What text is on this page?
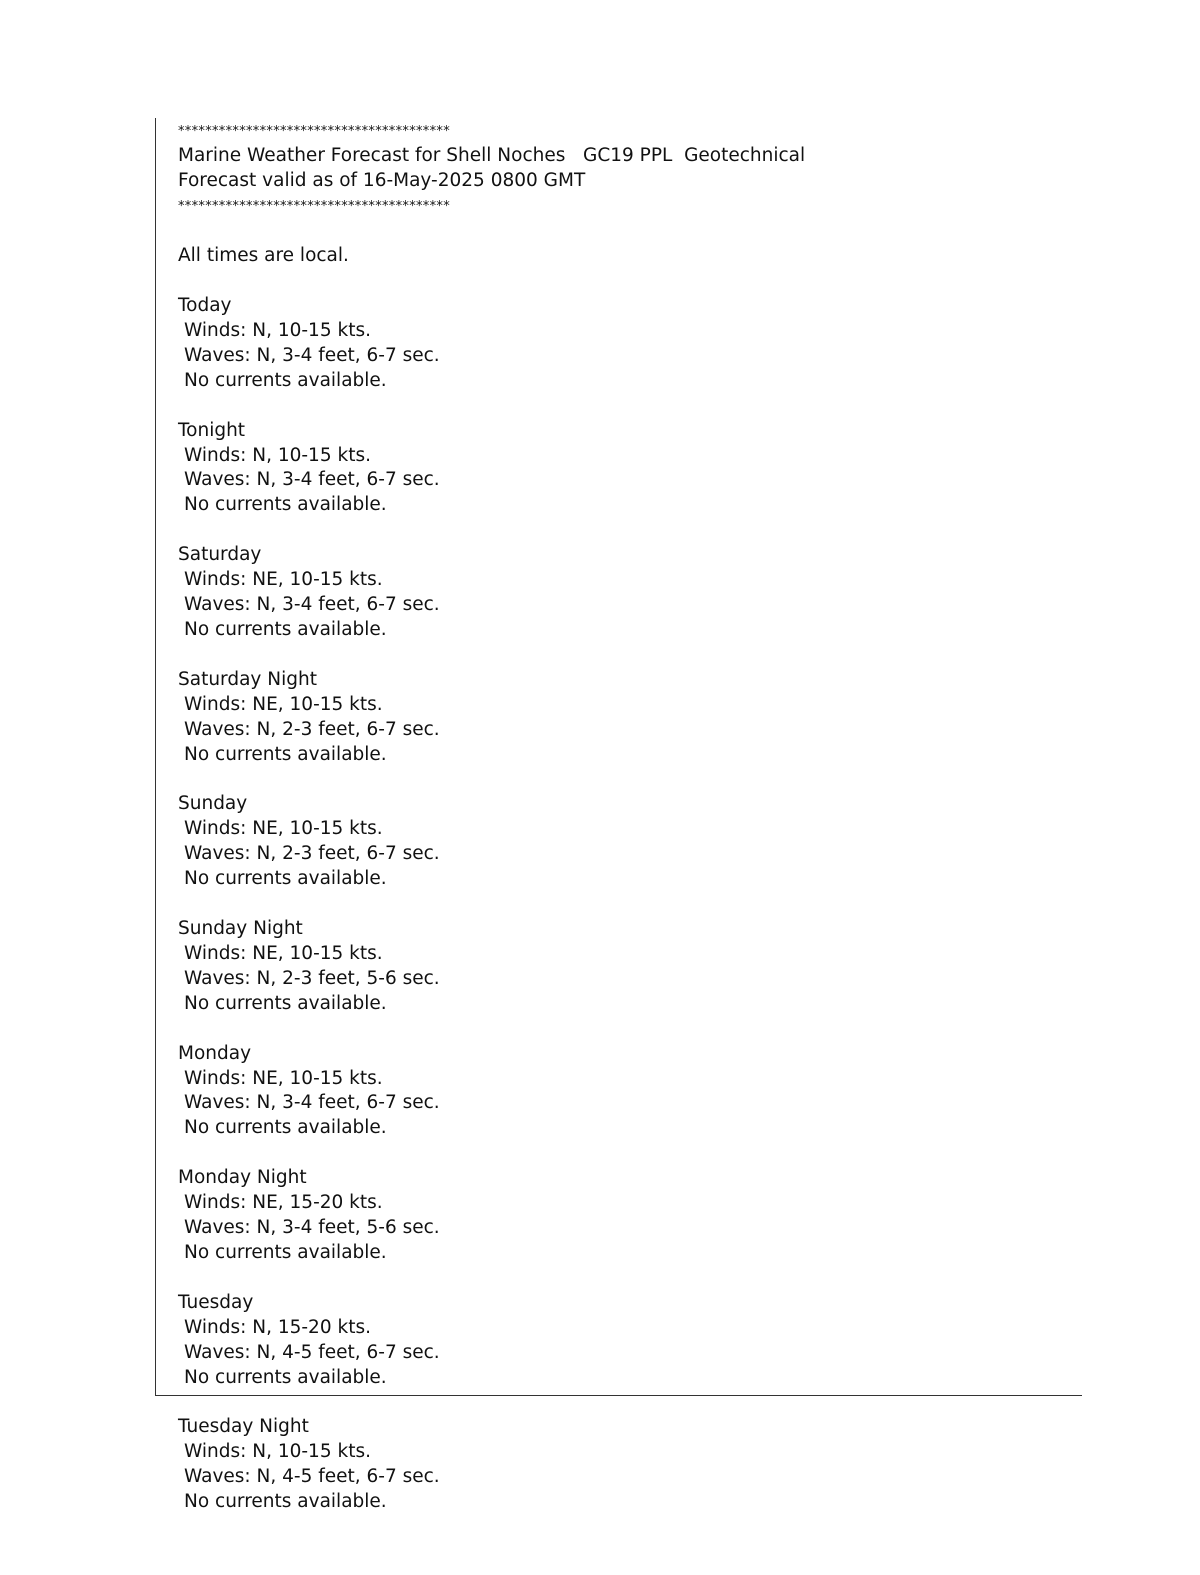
****************************************
Marine Weather Forecast for Shell Noches   GC19 PPL  Geotechnical
Forecast valid as of 16-May-2025 0800 GMT
****************************************
All times are local.
Today
Winds: N, 10-15 kts.
Waves: N, 3-4 feet, 6-7 sec.
No currents available.
Tonight
Winds: N, 10-15 kts.
Waves: N, 3-4 feet, 6-7 sec.
No currents available.
Saturday
Winds: NE, 10-15 kts.
Waves: N, 3-4 feet, 6-7 sec.
No currents available.
Saturday Night
Winds: NE, 10-15 kts.
Waves: N, 2-3 feet, 6-7 sec.
No currents available.
Sunday
Winds: NE, 10-15 kts.
Waves: N, 2-3 feet, 6-7 sec.
No currents available.
Sunday Night
Winds: NE, 10-15 kts.
Waves: N, 2-3 feet, 5-6 sec.
No currents available.
Monday
Winds: NE, 10-15 kts.
Waves: N, 3-4 feet, 6-7 sec.
No currents available.
Monday Night
Winds: NE, 15-20 kts.
Waves: N, 3-4 feet, 5-6 sec.
No currents available.
Tuesday
Winds: N, 15-20 kts.
Waves: N, 4-5 feet, 6-7 sec.
No currents available.
Tuesday Night
Winds: N, 10-15 kts.
Waves: N, 4-5 feet, 6-7 sec.
No currents available.
